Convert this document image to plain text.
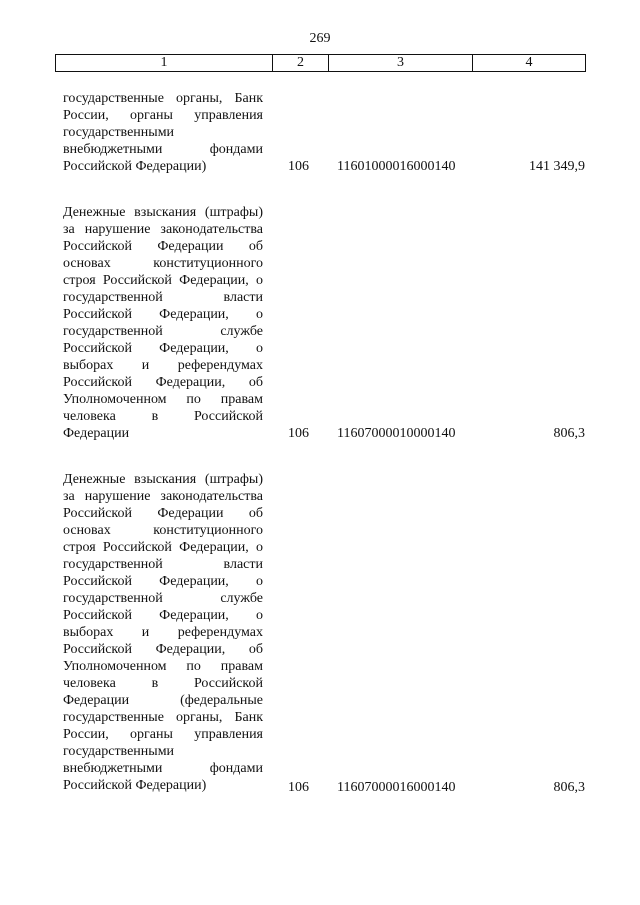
269
1	2	3	4
государственные органы, Банк
России, органы управления
государственными
внебюджетными фондами
Российской Федерации)	106	11601000016000140	141 349,9
Денежные взыскания (штрафы)
за нарушение законодательства
Российской Федерации об
основах конституционного
строя Российской Федерации, о
государственной власти
Российской Федерации, о
государственной службе
Российской Федерации, о
выборах и референдумах
Российской Федерации, об
Уполномоченном по правам
человека в Российской
Федерации	106	11607000010000140	806,3
Денежные взыскания (штрафы)
за нарушение законодательства
Российской Федерации об
основах конституционного
строя Российской Федерации, о
государственной власти
Российской Федерации, о
государственной службе
Российской Федерации, о
выборах и референдумах
Российской Федерации, об
Уполномоченном по правам
человека в Российской
Федерации (федеральные
государственные органы, Банк
России, органы управления
государственными
внебюджетными фондами
Российской Федерации)	106	11607000016000140	806,3
